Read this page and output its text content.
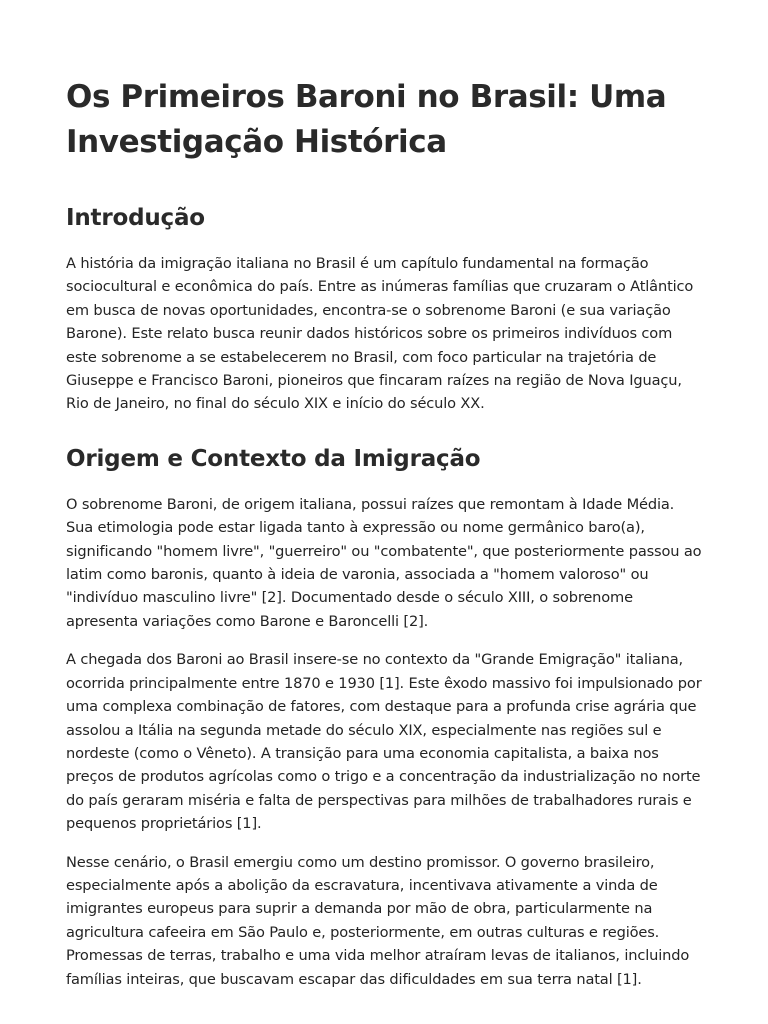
Os Primeiros Baroni no Brasil: Uma Investigação Histórica
Introdução

A história da imigração italiana no Brasil é um capítulo fundamental na formação sociocultural e econômica do país. Entre as inúmeras famílias que cruzaram o Atlântico em busca de novas oportunidades, encontra-se o sobrenome Baroni (e sua variação Barone). Este relato busca reunir dados históricos sobre os primeiros indivíduos com este sobrenome a se estabelecerem no Brasil, com foco particular na trajetória de Giuseppe e Francisco Baroni, pioneiros que fincaram raízes na região de Nova Iguaçu, Rio de Janeiro, no final do século XIX e início do século XX.

Origem e Contexto da Imigração

O sobrenome Baroni, de origem italiana, possui raízes que remontam à Idade Média. Sua etimologia pode estar ligada tanto à expressão ou nome germânico baro(a), significando "homem livre", "guerreiro" ou "combatente", que posteriormente passou ao latim como baronis, quanto à ideia de varonia, associada a "homem valoroso" ou "indivíduo masculino livre" [2]. Documentado desde o século XIII, o sobrenome apresenta variações como Barone e Baroncelli [2].

A chegada dos Baroni ao Brasil insere-se no contexto da "Grande Emigração" italiana, ocorrida principalmente entre 1870 e 1930 [1]. Este êxodo massivo foi impulsionado por uma complexa combinação de fatores, com destaque para a profunda crise agrária que assolou a Itália na segunda metade do século XIX, especialmente nas regiões sul e nordeste (como o Vêneto). A transição para uma economia capitalista, a baixa nos preços de produtos agrícolas como o trigo e a concentração da industrialização no norte do país geraram miséria e falta de perspectivas para milhões de trabalhadores rurais e pequenos proprietários [1].

Nesse cenário, o Brasil emergiu como um destino promissor. O governo brasileiro, especialmente após a abolição da escravatura, incentivava ativamente a vinda de imigrantes europeus para suprir a demanda por mão de obra, particularmente na agricultura cafeeira em São Paulo e, posteriormente, em outras culturas e regiões. Promessas de terras, trabalho e uma vida melhor atraíram levas de italianos, incluindo famílias inteiras, que buscavam escapar das dificuldades em sua terra natal [1].
